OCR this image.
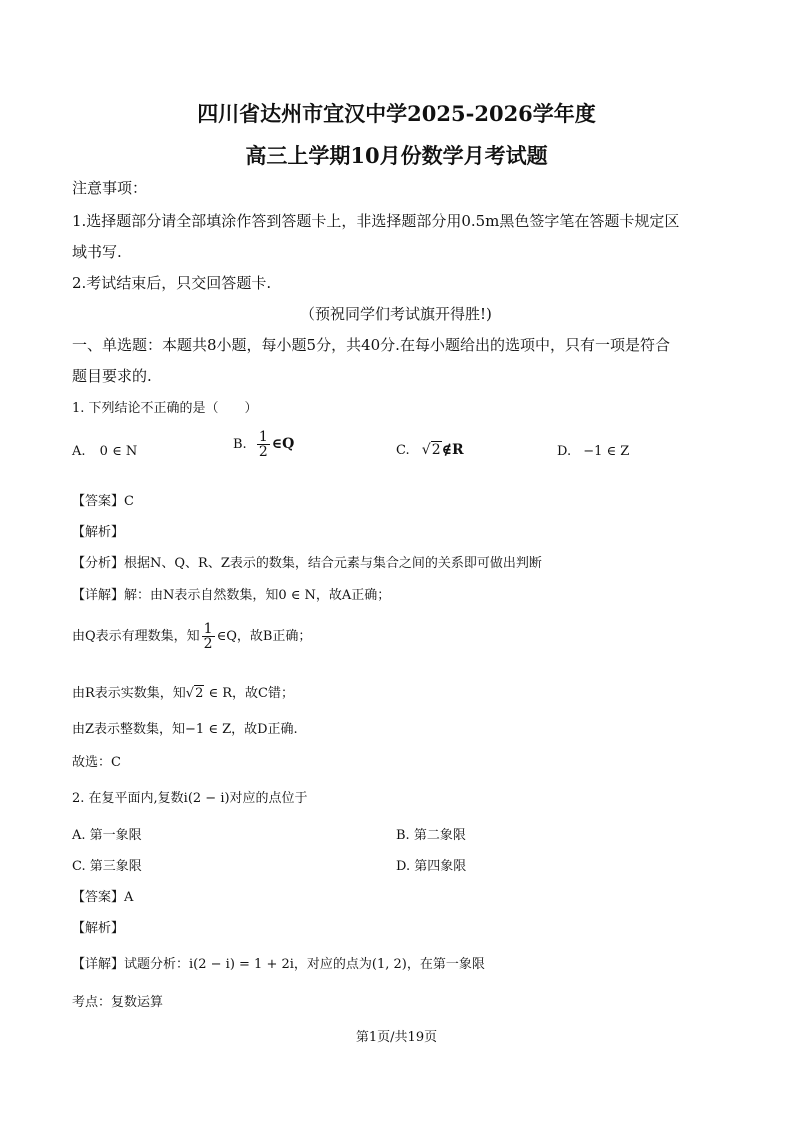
四川省达州市宜汉中学2025-2026学年度
高三上学期10月份数学月考试题
注意事项：
1.选择题部分请全部填涂作答到答题卡上，非选择题部分用0.5m黑色签字笔在答题卡规定区
域书写.
2.考试结束后，只交回答题卡.
（预祝同学们考试旗开得胜!)
一、单选题：本题共8小题，每小题5分，共40分.在每小题给出的选项中，只有一项是符合
题目要求的.
1. 下列结论不正确的是（　　）
A. 0 ∈ N	B. $\frac{1}{2}$ ∈Q	C. √2∉R	D. −1 ∈ Z
【答案】C
【解析】
【分析】根据N、Q、R、Z表示的数集，结合元素与集合之间的关系即可做出判断
【详解】解：由N表示自然数集，知0 ∈ N，故A正确；
由Q表示有理数集，知 $\frac{1}{2}$ ∈Q，故B正确；
由R表示实数集，知√2 ∈ R，故C错；
由Z表示整数集，知−1 ∈ Z，故D正确.
故选：C
2. 在复平面内,复数i(2 − i)对应的点位于
A. 第一象限	B. 第二象限
C. 第三象限	D. 第四象限
【答案】A
【解析】
【详解】试题分析：i(2 − i) = 1 + 2i，对应的点为(1, 2)，在第一象限
考点：复数运算
第1页/共19页
